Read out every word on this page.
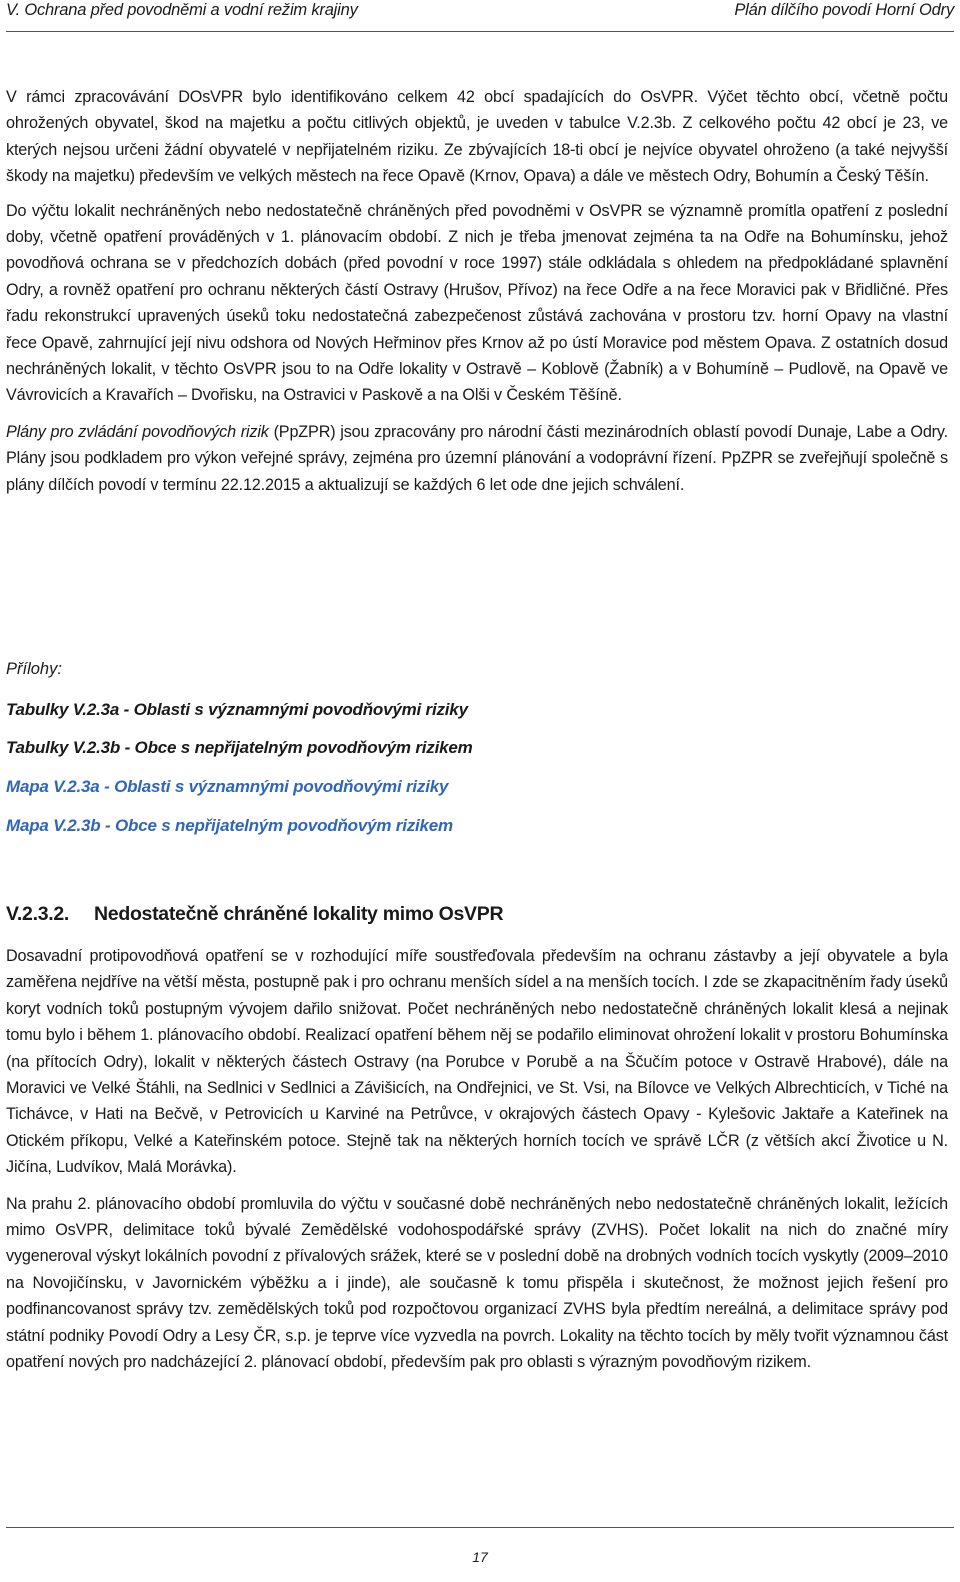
V. Ochrana před povodněmi a vodní režim krajiny	Plán dílčího povodí Horní Odry

V rámci zpracovávání DOsVPR bylo identifikováno celkem 42 obcí spadajících do OsVPR. Výčet těchto obcí, včetně počtu ohrožených obyvatel, škod na majetku a počtu citlivých objektů, je uveden v tabulce V.2.3b. Z celkového počtu 42 obcí je 23, ve kterých nejsou určeni žádní obyvatelé v nepřijatelném riziku. Ze zbývajících 18-ti obcí je nejvíce obyvatel ohroženo (a také nejvyšší škody na majetku) především ve velkých městech na řece Opavě (Krnov, Opava) a dále ve městech Odry, Bohumín a Český Těšín.

Do výčtu lokalit nechráněných nebo nedostatečně chráněných před povodněmi v OsVPR se významně promítla opatření z poslední doby, včetně opatření prováděných v 1. plánovacím období. Z nich je třeba jmenovat zejména ta na Odře na Bohumínsku, jehož povodňová ochrana se v předchozích dobách (před povodní v roce 1997) stále odkládala s ohledem na předpokládané splavnění Odry, a rovněž opatření pro ochranu některých částí Ostravy (Hrušov, Přívoz) na řece Odře a na řece Moravici pak v Břidličné. Přes řadu rekonstrukcí upravených úseků toku nedostatečná zabezpečenost zůstává zachována v prostoru tzv. horní Opavy na vlastní řece Opavě, zahrnující její nivu odshora od Nových Heřminov přes Krnov až po ústí Moravice pod městem Opava. Z ostatních dosud nechráněných lokalit, v těchto OsVPR jsou to na Odře lokality v Ostravě – Koblově (Žabník) a v Bohumíně – Pudlově, na Opavě ve Vávrovicích a Kravařích – Dvořisku, na Ostravici v Paskově a na Olši v Českém Těšíně.

Plány pro zvládání povodňových rizik (PpZPR) jsou zpracovány pro národní části mezinárodních oblastí povodí Dunaje, Labe a Odry. Plány jsou podkladem pro výkon veřejné správy, zejména pro územní plánování a vodoprávní řízení. PpZPR se zveřejňují společně s plány dílčích povodí v termínu 22.12.2015 a aktualizují se každých 6 let ode dne jejich schválení.

Přílohy:
Tabulky V.2.3a - Oblasti s významnými povodňovými riziky
Tabulky V.2.3b - Obce s nepřijatelným povodňovým rizikem
Mapa V.2.3a - Oblasti s významnými povodňovými riziky
Mapa V.2.3b - Obce s nepřijatelným povodňovým rizikem
V.2.3.2. Nedostatečně chráněné lokality mimo OsVPR

Dosavadní protipovodňová opatření se v rozhodující míře soustřeďovala především na ochranu zástavby a její obyvatele a byla zaměřena nejdříve na větší města, postupně pak i pro ochranu menších sídel a na menších tocích. I zde se zkapacitněním řady úseků koryt vodních toků postupným vývojem dařilo snižovat. Počet nechráněných nebo nedostatečně chráněných lokalit klesá a nejinak tomu bylo i během 1. plánovacího období. Realizací opatření během něj se podařilo eliminovat ohrožení lokalit v prostoru Bohumínska (na přítocích Odry), lokalit v některých částech Ostravy (na Porubce v Porubě a na Ščučím potoce v Ostravě Hrabové), dále na Moravici ve Velké Štáhli, na Sedlnici v Sedlnici a Závišicích, na Ondřejnici, ve St. Vsi, na Bílovce ve Velkých Albrechticích, v Tiché na Tichávce, v Hati na Bečvě, v Petrovicích u Karviné na Petrůvce, v okrajových částech Opavy - Kylešovic Jaktaře a Kateřinek na Otickém příkopu, Velké a Kateřinském potoce. Stejně tak na některých horních tocích ve správě LČR (z větších akcí Životice u N. Jičína, Ludvíkov, Malá Morávka).

Na prahu 2. plánovacího období promluvila do výčtu v současné době nechráněných nebo nedostatečně chráněných lokalit, ležících mimo OsVPR, delimitace toků bývalé Zemědělské vodohospodářské správy (ZVHS). Počet lokalit na nich do značné míry vygeneroval výskyt lokálních povodní z přívalových srážek, které se v poslední době na drobných vodních tocích vyskytly (2009–2010 na Novojičínsku, v Javornickém výběžku a i jinde), ale současně k tomu přispěla i skutečnost, že možnost jejich řešení pro podfinancovanost správy tzv. zemědělských toků pod rozpočtovou organizací ZVHS byla předtím nereálná, a delimitace správy pod státní podniky Povodí Odry a Lesy ČR, s.p. je teprve více vyzvedla na povrch. Lokality na těchto tocích by měly tvořit významnou část opatření nových pro nadcházející 2. plánovací období, především pak pro oblasti s výrazným povodňovým rizikem.

17
